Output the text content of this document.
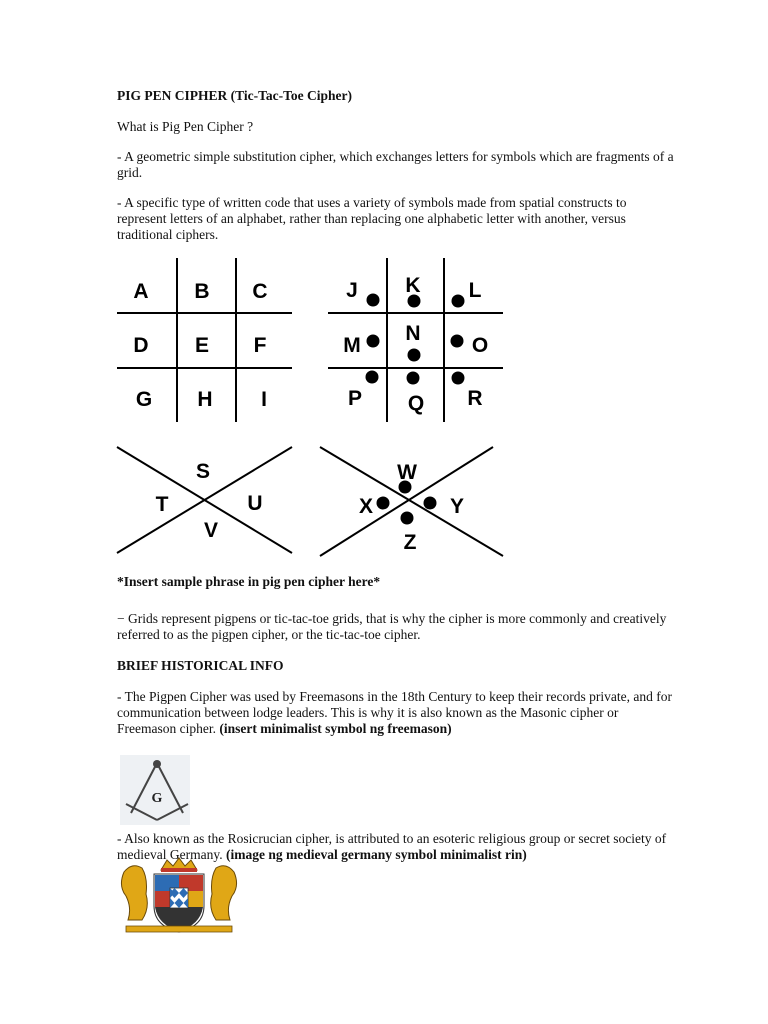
PIG PEN CIPHER (Tic-Tac-Toe Cipher)
What is Pig Pen Cipher ?
- A geometric simple substitution cipher, which exchanges letters for symbols which are fragments of a grid.
- A specific type of written code that uses a variety of symbols made from spatial constructs to represent letters of an alphabet, rather than replacing one alphabetic letter with another, versus traditional ciphers.
A B C
D E F
G H I
J K L
M
N
O
P Q R
S
T	U
V
W
X	Y
Z
G
*Insert sample phrase in pig pen cipher here*
− Grids represent pigpens or tic-tac-toe grids, that is why the cipher is more commonly and creatively referred to as the pigpen cipher, or the tic-tac-toe cipher.
BRIEF HISTORICAL INFO
- The Pigpen Cipher was used by Freemasons in the 18th Century to keep their records private, and for communication between lodge leaders. This is why it is also known as the Masonic cipher or Freemason cipher. (insert minimalist symbol ng freemason)
- Also known as the Rosicrucian cipher, is attributed to an esoteric religious group or secret society of medieval Germany. (image ng medieval germany symbol minimalist rin)
